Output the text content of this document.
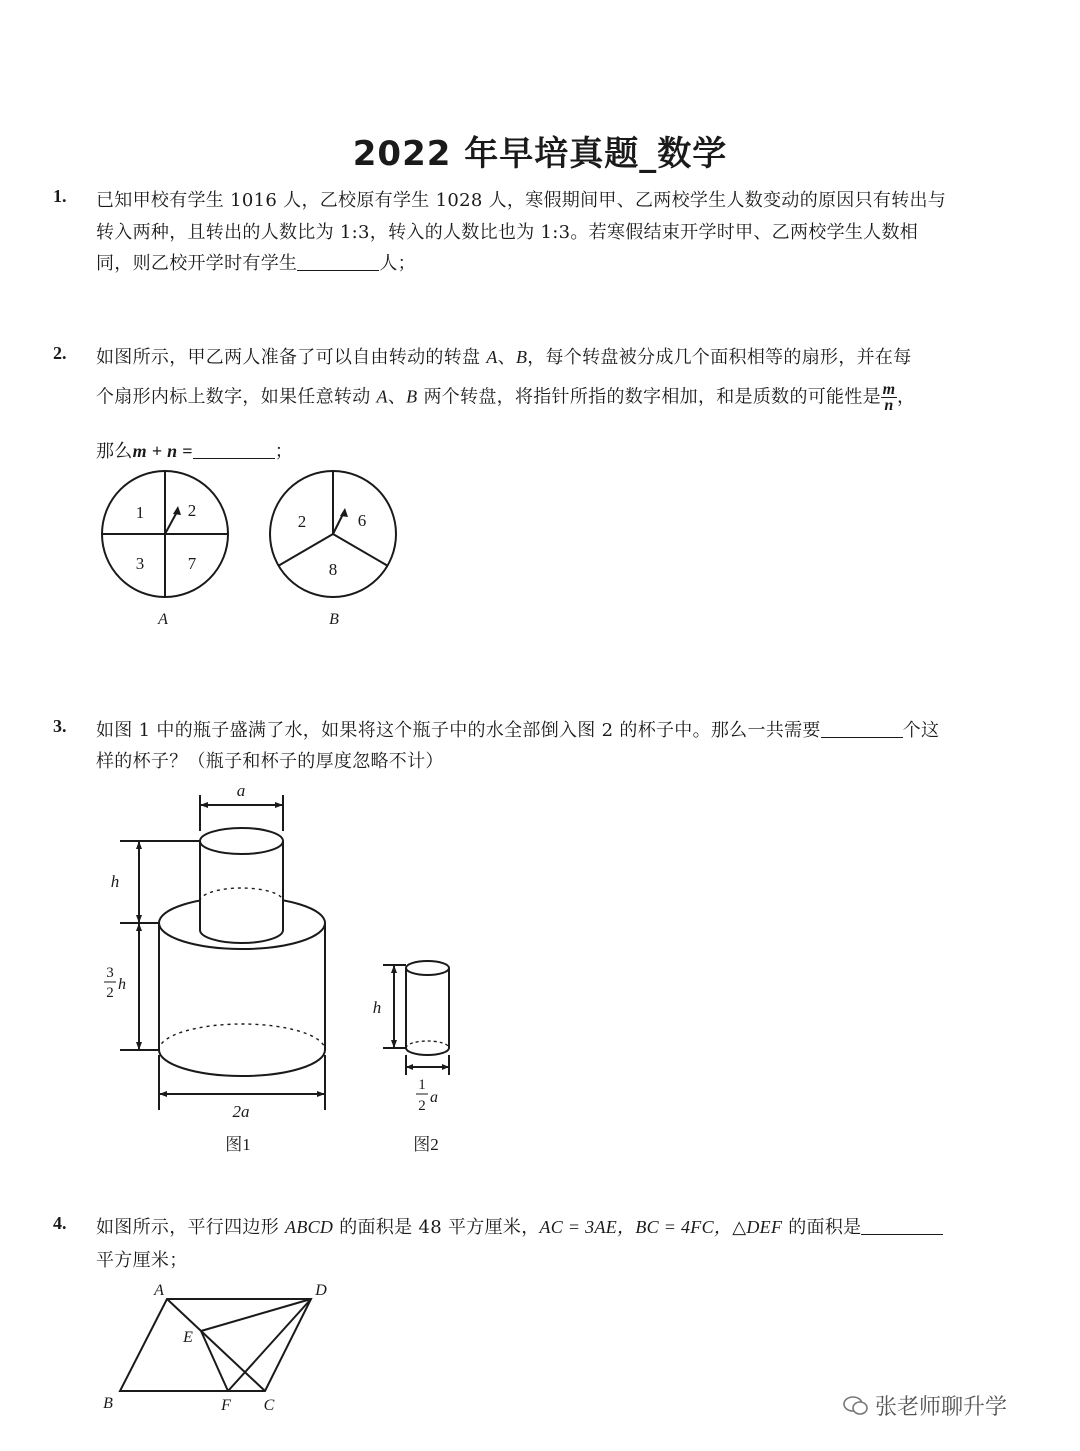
2022 年早培真题_数学
1. 已知甲校有学生 1016 人，乙校原有学生 1028 人，寒假期间甲、乙两校学生人数变动的原因只有转出与
转入两种，且转出的人数比为 1:3，转入的人数比也为 1:3。若寒假结束开学时甲、乙两校学生人数相
同，则乙校开学时有学生	人；
2. 如图所示，甲乙两人准备了可以自由转动的转盘 A、B，每个转盘被分成几个面积相等的扇形，并在每
个扇形内标上数字，如果任意转动 A、B 两个转盘，将指针所指的数字相加，和是质数的可能性是 $\frac{m}{n}$ ，
那么m + n =	；
1	2
3	7
A
2	6
8
B
3. 如图 1 中的瓶子盛满了水，如果将这个瓶子中的水全部倒入图 2 的杯子中。那么一共需要	个这
样的杯子？（瓶子和杯子的厚度忽略不计）
a
h
3
2 h
2a
图1
h
1
2 a
图2
4. 如图所示，平行四边形 ABCD 的面积是 48 平方厘米，AC = 3AE，BC = 4FC，△DEF 的面积是
平方厘米；
A	D
E
B	F C	张老师聊升学
